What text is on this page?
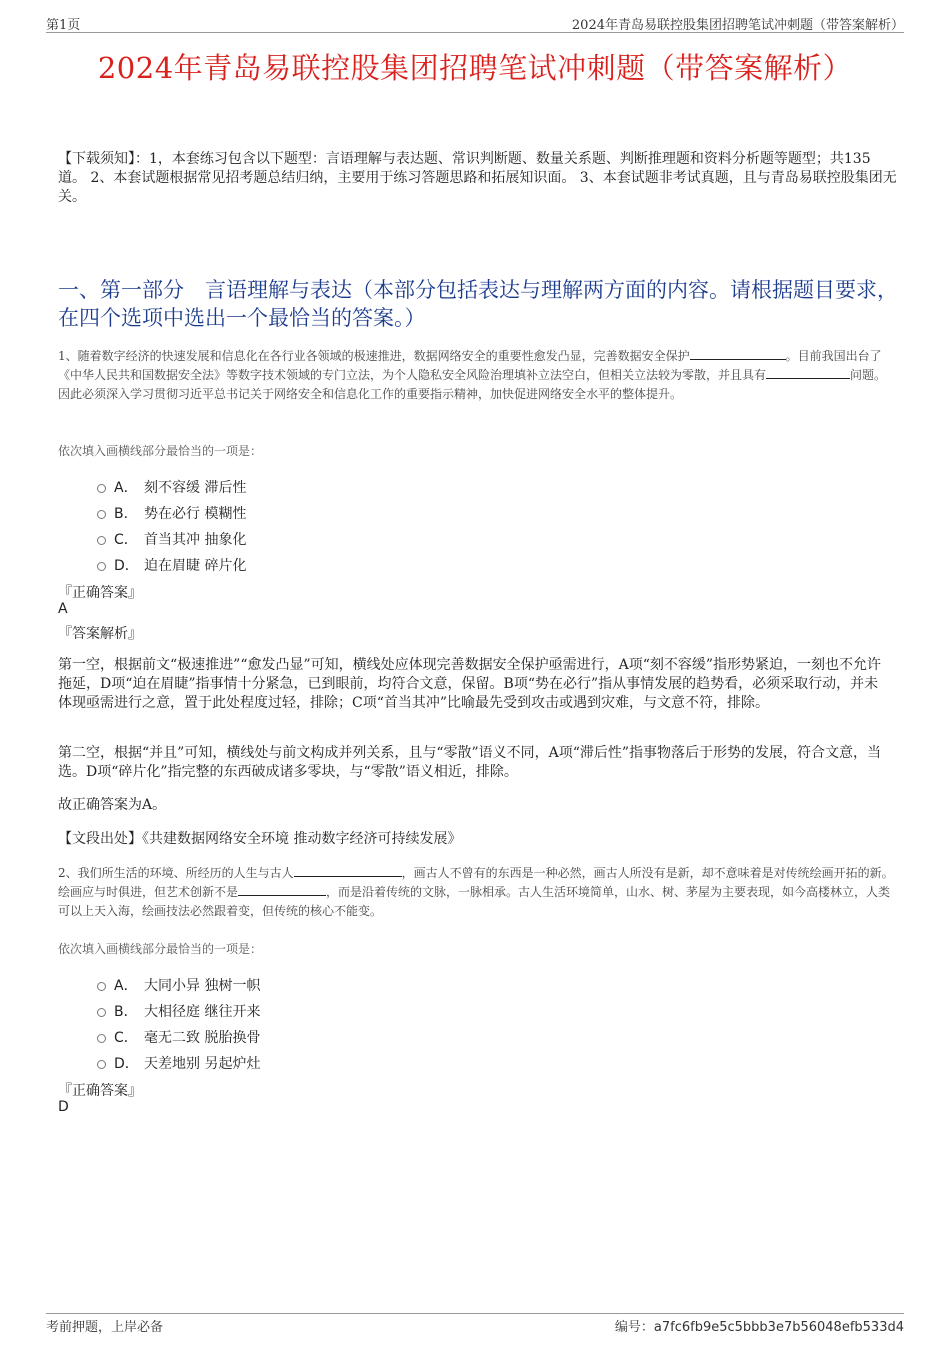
第1页	2024年青岛易联控股集团招聘笔试冲刺题（带答案解析）
2024年青岛易联控股集团招聘笔试冲刺题（带答案解析）
【下载须知】：1，本套练习包含以下题型：言语理解与表达题、常识判断题、数量关系题、判断推理题和资料分析题等题型；共135道。 2、本套试题根据常见招考题总结归纳，主要用于练习答题思路和拓展知识面。 3、本套试题非考试真题，且与青岛易联控股集团无关。
一、第一部分　言语理解与表达（本部分包括表达与理解两方面的内容。请根据题目要求，在四个选项中选出一个最恰当的答案。）
1、随着数字经济的快速发展和信息化在各行业各领域的极速推进，数据网络安全的重要性愈发凸显，完善数据安全保护	。目前我国出台了《中华人民共和国数据安全法》等数字技术领域的专门立法，为个人隐私安全风险治理填补立法空白，但相关立法较为零散，并且具有	问题。因此必须深入学习贯彻习近平总书记关于网络安全和信息化工作的重要指示精神，加快促进网络安全水平的整体提升。
依次填入画横线部分最恰当的一项是：
A． 刻不容缓 滞后性
B． 势在必行 模糊性
C． 首当其冲 抽象化
D． 迫在眉睫 碎片化
『正确答案』
A
『答案解析』
第一空，根据前文“极速推进”“愈发凸显”可知，横线处应体现完善数据安全保护亟需进行，A项“刻不容缓”指形势紧迫，一刻也不允许拖延，D项“迫在眉睫”指事情十分紧急，已到眼前，均符合文意，保留。B项“势在必行”指从事情发展的趋势看，必须采取行动，并未体现亟需进行之意，置于此处程度过轻，排除；C项“首当其冲”比喻最先受到攻击或遇到灾难，与文意不符，排除。
第二空，根据“并且”可知，横线处与前文构成并列关系，且与“零散”语义不同，A项“滞后性”指事物落后于形势的发展，符合文意，当选。D项“碎片化”指完整的东西破成诸多零块，与“零散”语义相近，排除。
故正确答案为A。
【文段出处】《共建数据网络安全环境 推动数字经济可持续发展》
2、我们所生活的环境、所经历的人生与古人	，画古人不曾有的东西是一种必然，画古人所没有是新，却不意味着是对传统绘画开拓的新。绘画应与时俱进，但艺术创新不是	，而是沿着传统的文脉，一脉相承。古人生活环境简单，山水、树、茅屋为主要表现，如今高楼林立，人类可以上天入海，绘画技法必然跟着变，但传统的核心不能变。
依次填入画横线部分最恰当的一项是：
A． 大同小异 独树一帜
B． 大相径庭 继往开来
C． 毫无二致 脱胎换骨
D． 天差地别 另起炉灶
『正确答案』
D
考前押题，上岸必备	编号：a7fc6fb9e5c5bbb3e7b56048efb533d4
